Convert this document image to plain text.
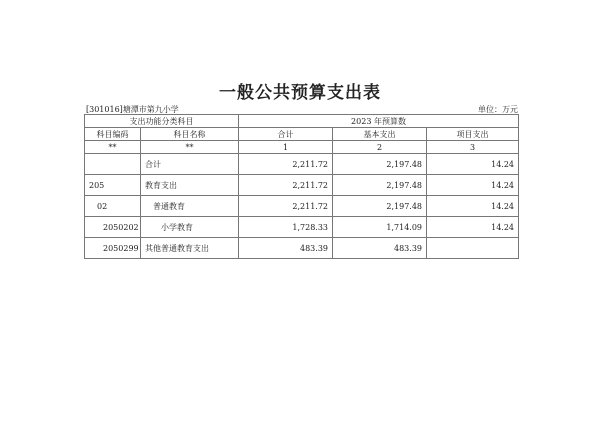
一般公共预算支出表
[301016]塘潭市第九小学	单位：万元
支出功能分类科目		2023 年预算数		
科目编码	科目名称	合计	基本支出	项目支出
**	**	1	2	3
	合计	2,211.72	2,197.48	14.24
205	教育支出	2,211.72	2,197.48	14.24
02	普通教育	2,211.72	2,197.48	14.24
2050202	小学教育	1,728.33	1,714.09	14.24
2050299	其他普通教育支出	483.39	483.39	
